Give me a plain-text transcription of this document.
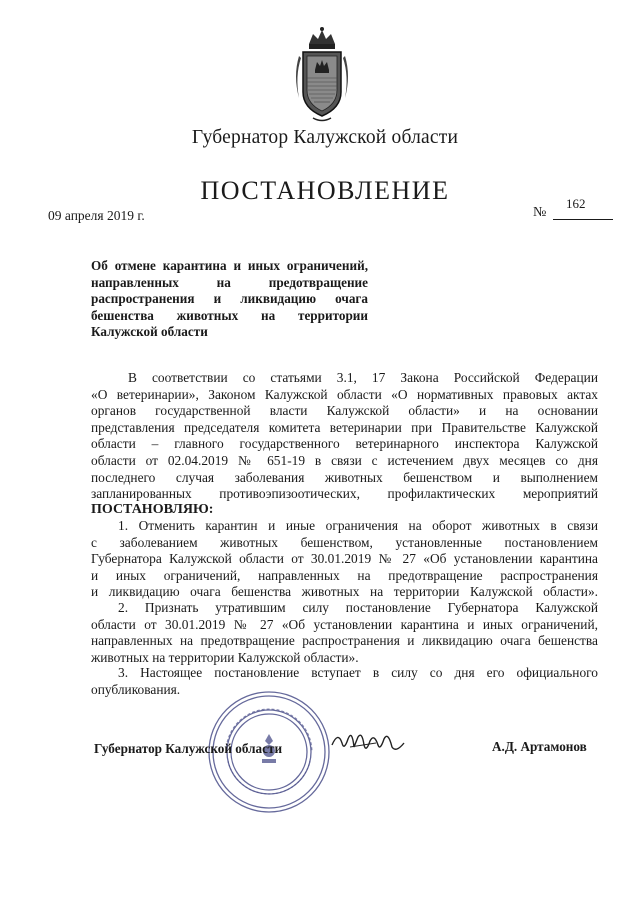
Губернатор Калужской области
ПОСТАНОВЛЕНИЕ
09 апреля 2019 г.	№
162
Об отмене карантина и иных ограничений,
направленных на предотвращение
распространения и ликвидацию очага
бешенства животных на территории
Калужской области
В соответствии со статьями 3.1, 17 Закона Российской Федерации
«О ветеринарии», Законом Калужской области «О нормативных правовых актах
органов государственной власти Калужской области» и на основании
представления председателя комитета ветеринарии при Правительстве Калужской
области – главного государственного ветеринарного инспектора Калужской
области от 02.04.2019 № 651-19 в связи с истечением двух месяцев со дня
последнего случая заболевания животных бешенством и выполнением
запланированных противоэпизоотических, профилактических мероприятий
ПОСТАНОВЛЯЮ:
1. Отменить карантин и иные ограничения на оборот животных в связи
с заболеванием животных бешенством, установленные постановлением
Губернатора Калужской области от 30.01.2019 № 27 «Об установлении карантина
и иных ограничений, направленных на предотвращение распространения
и ликвидацию очага бешенства животных на территории Калужской области».
2. Признать утратившим силу постановление Губернатора Калужской
области от 30.01.2019 № 27 «Об установлении карантина и иных ограничений,
направленных на предотвращение распространения и ликвидацию очага бешенства
животных на территории Калужской области».
3. Настоящее постановление вступает в силу со дня его официального
опубликования.
Губернатор Калужской области	А.Д. Артамонов
